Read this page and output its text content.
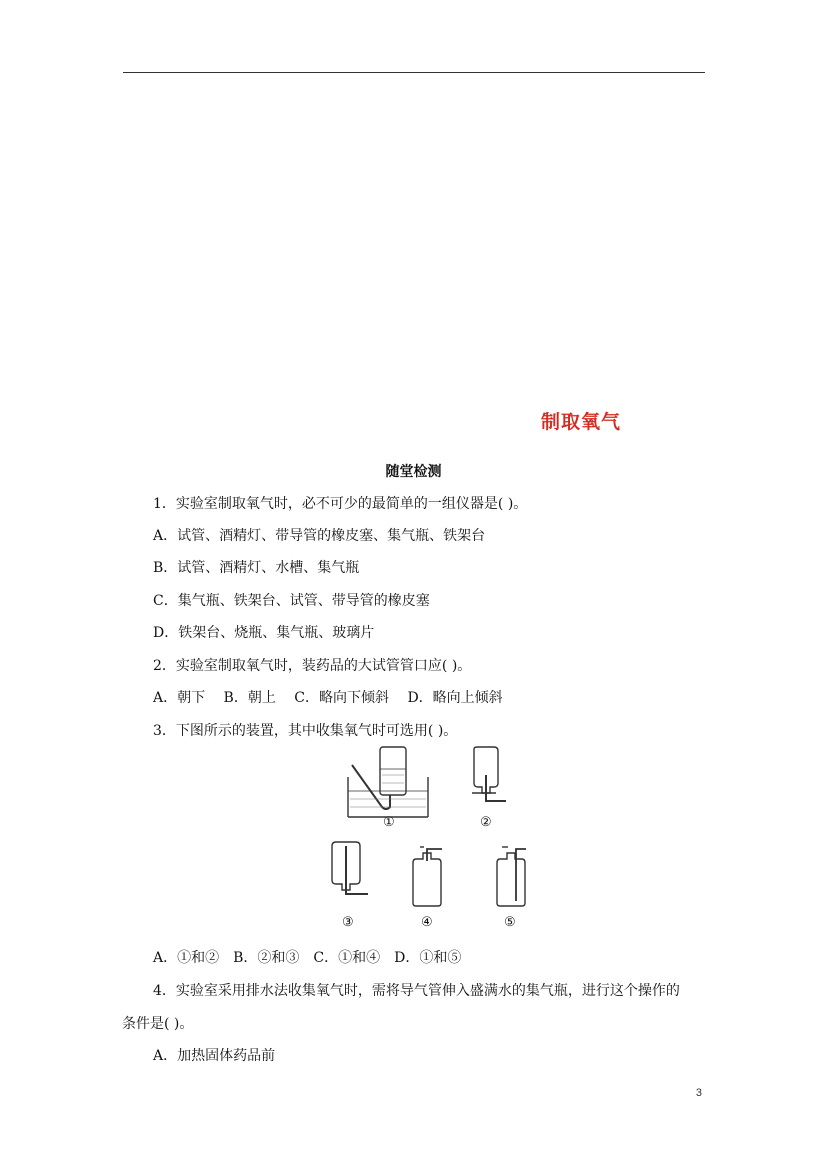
制取氧气
随堂检测
1．实验室制取氧气时，必不可少的最简单的一组仪器是( )。
A．试管、酒精灯、带导管的橡皮塞、集气瓶、铁架台
B．试管、酒精灯、水槽、集气瓶
C．集气瓶、铁架台、试管、带导管的橡皮塞
D．铁架台、烧瓶、集气瓶、玻璃片
2．实验室制取氧气时，装药品的大试管管口应( )。
A．朝下　 B．朝上　 C．略向下倾斜　 D．略向上倾斜
3．下图所示的装置，其中收集氧气时可选用( )。
①	②
③	④	⑤
A．①和②　B．②和③　C．①和④　D．①和⑤
4．实验室采用排水法收集氧气时，需将导气管伸入盛满水的集气瓶，进行这个操作的
条件是( )。
A．加热固体药品前
3
